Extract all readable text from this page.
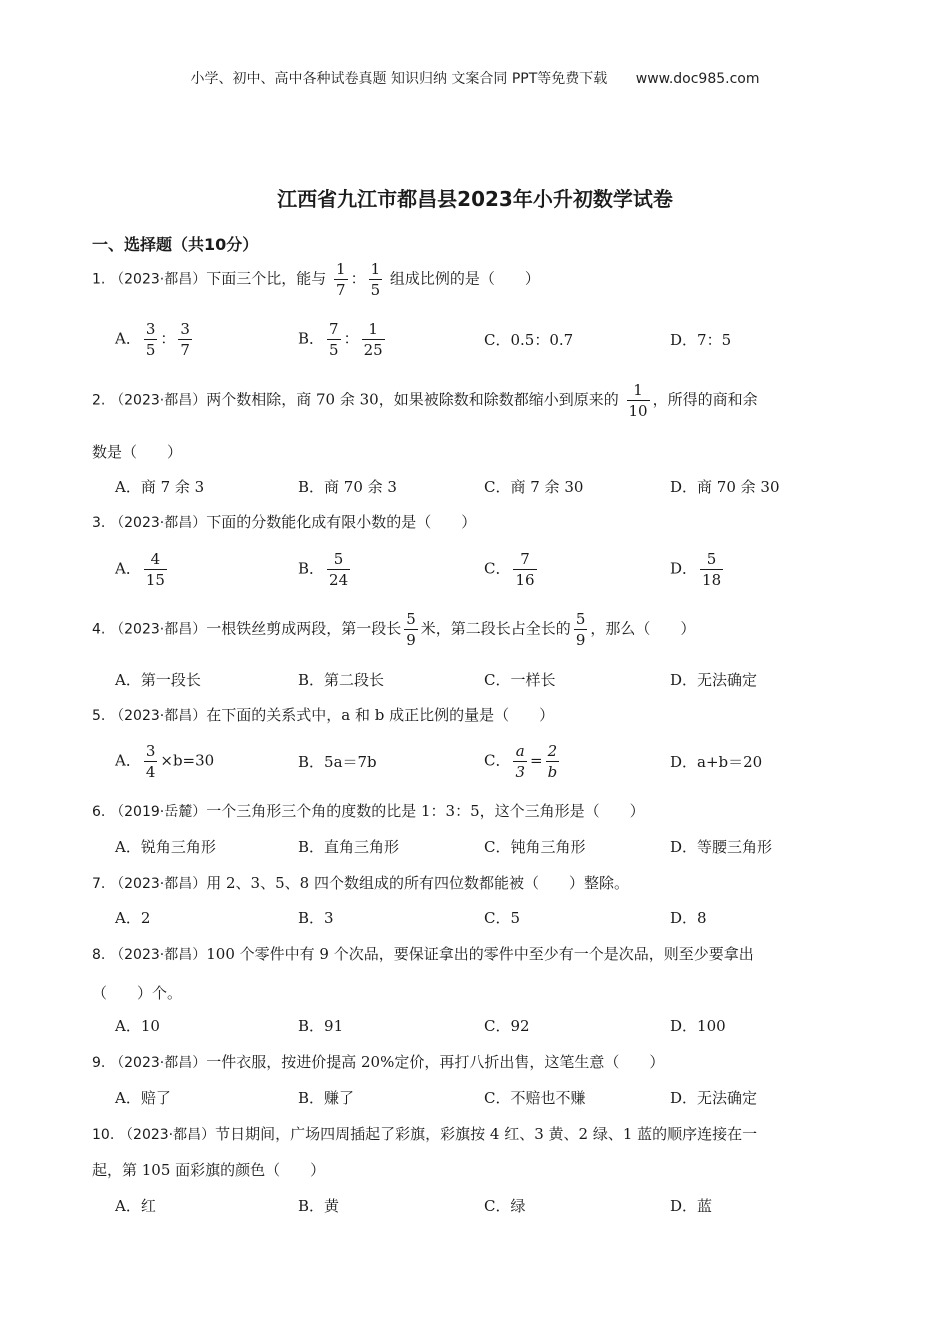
小学、初中、高中各种试卷真题 知识归纳 文案合同 PPT等免费下载 www.doc985.com
江西省九江市都昌县2023年小升初数学试卷
一、选择题（共10分）
1. （2023·都昌）下面三个比，能与 $\frac{1}{7}$ ： $\frac{1}{5}$ 组成比例的是（　　）
A． $\frac{3}{5}$ ： $\frac{3}{7}$	B． $\frac{7}{5}$ ： $\frac{1}{25}$	C．0.5：0.7	D．7：5
2. （2023·都昌）两个数相除，商 70 余 30，如果被除数和除数都缩小到原来的 $\frac{1}{10}$ ，所得的商和余
数是（　　）
A．商 7 余 3	B．商 70 余 3	C．商 7 余 30	D．商 70 余 30
3. （2023·都昌）下面的分数能化成有限小数的是（　　）
A． $\frac{4}{15}$	B． $\frac{5}{24}$	C． $\frac{7}{16}$	D． $\frac{5}{18}$
4. （2023·都昌）一根铁丝剪成两段，第一段长 $\frac{5}{9}$ 米，第二段长占全长的 $\frac{5}{9}$ ，那么（　　）
A．第一段长	B．第二段长	C．一样长	D．无法确定
5. （2023·都昌）在下面的关系式中，a 和 b 成正比例的量是（　　）
A． $\frac{3}{4} \times b=30$	B．5a＝7b	C． $\frac{a}{3} = \frac{2}{b}$	D．a+b＝20
6. （2019·岳麓）一个三角形三个角的度数的比是 1：3：5，这个三角形是（　　）
A．锐角三角形	B．直角三角形	C．钝角三角形	D．等腰三角形
7. （2023·都昌）用 2、3、5、8 四个数组成的所有四位数都能被（　　）整除。
A．2	B．3	C．5	D．8
8. （2023·都昌）100 个零件中有 9 个次品，要保证拿出的零件中至少有一个是次品，则至少要拿出
（　　）个。
A．10	B．91	C．92	D．100
9. （2023·都昌）一件衣服，按进价提高 20%定价，再打八折出售，这笔生意（　　）
A．赔了	B．赚了	C．不赔也不赚	D．无法确定
10. （2023·都昌）节日期间，广场四周插起了彩旗，彩旗按 4 红、3 黄、2 绿、1 蓝的顺序连接在一
起，第 105 面彩旗的颜色（　　）
A．红	B．黄	C．绿	D．蓝
